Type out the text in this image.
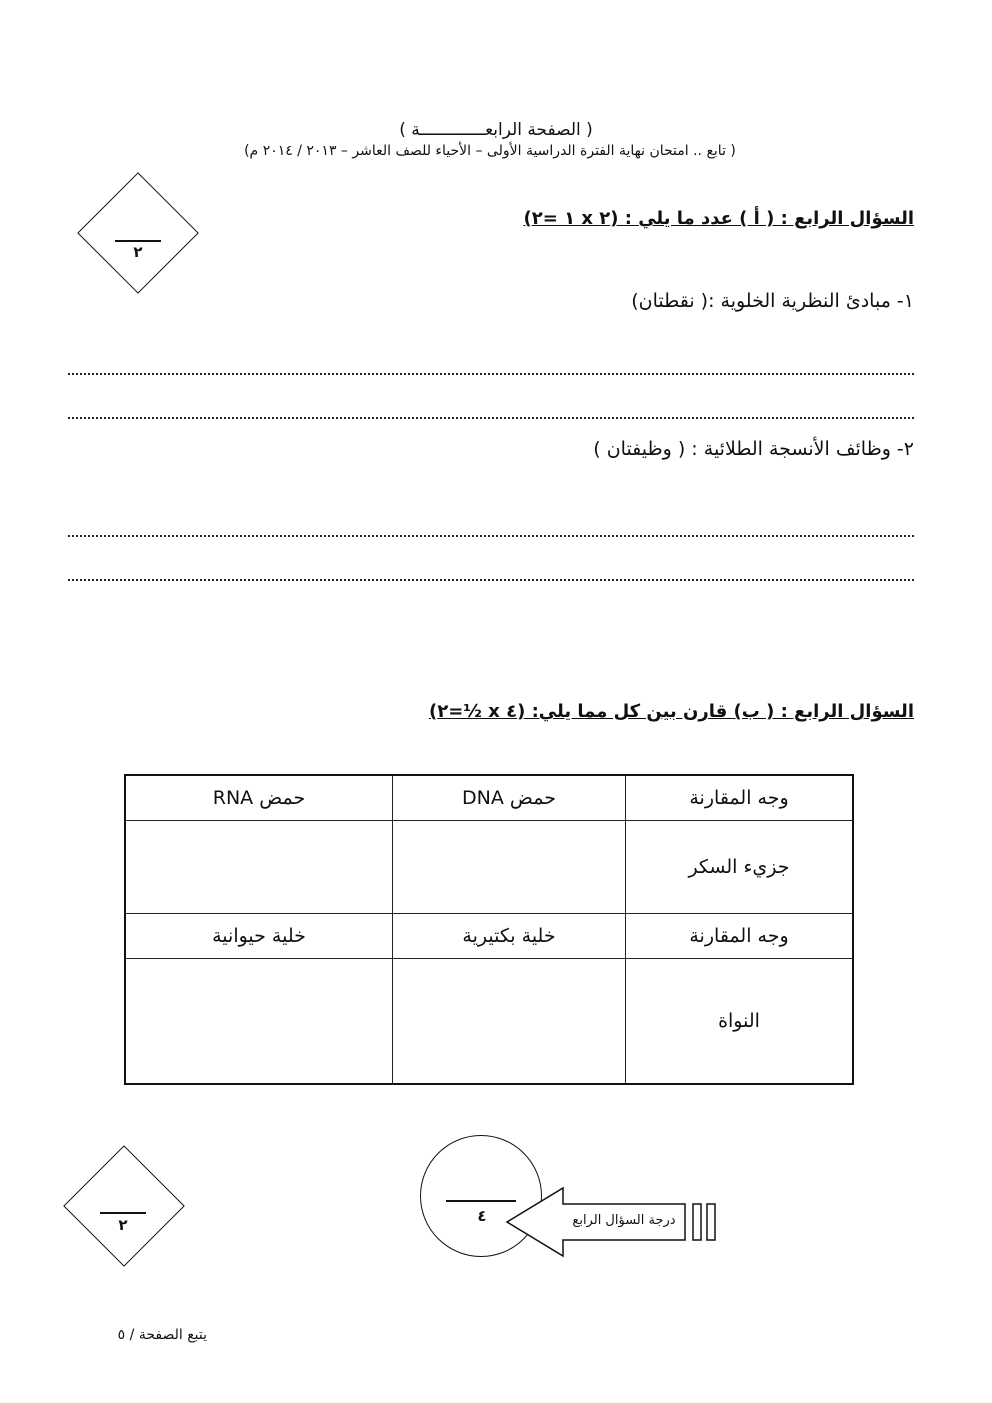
( الصفحة الرابعـــــــــــــة )
( تابع .. امتحان نهاية الفترة الدراسية الأولى – الأحياء للصف العاشر – ٢٠١٣ / ٢٠١٤ م)
٢
السؤال الرابع : ( أ ) عدد ما يلي : (٢ x ١ =٢)
١- مبادئ النظرية الخلوية :( نقطتان)
٢- وظائف الأنسجة الطلائية : ( وظيفتان )
السؤال الرابع : ( ب) قارن بين كل مما يلي: (٤ x ½=٢)
وجه المقارنة	حمض DNA	حمض RNA
جزيء السكر		
وجه المقارنة	خلية بكتيرية	خلية حيوانية
النواة		
٢	٤	درجة السؤال الرابع
يتبع الصفحة / ٥
